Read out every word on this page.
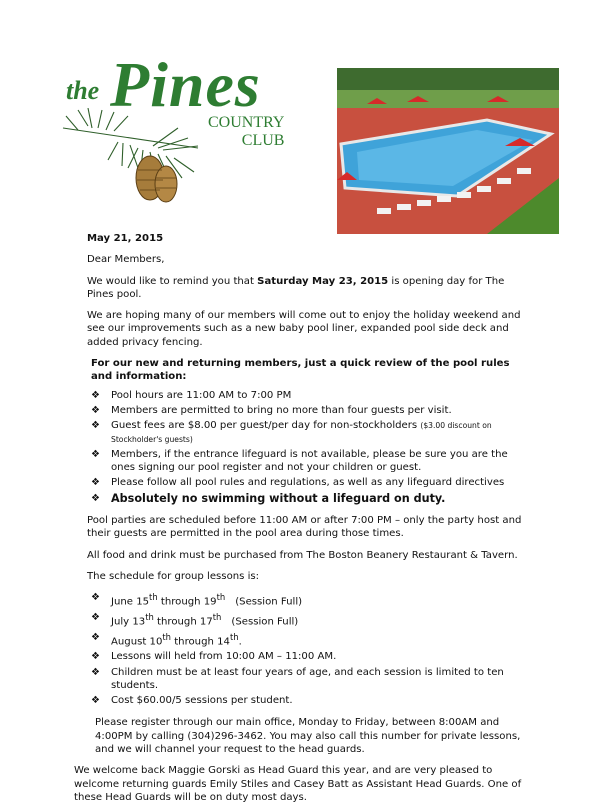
the Pines
COUNTRY
CLUB

May 21, 2015

Dear Members,

We would like to remind you that Saturday May 23, 2015 is opening day for The Pines pool.

We are hoping many of our members will come out to enjoy the holiday weekend and see our improvements such as a new baby pool liner, expanded pool side deck and added privacy fencing.

For our new and returning members, just a quick review of the pool rules and information:

❖ Pool hours are 11:00 AM to 7:00 PM
❖ Members are permitted to bring no more than four guests per visit.
❖ Guest fees are $8.00 per guest/per day for non-stockholders ($3.00 discount on Stockholder's guests)
❖ Members, if the entrance lifeguard is not available, please be sure you are the ones signing our pool register and not your children or guest.
❖ Please follow all pool rules and regulations, as well as any lifeguard directives
❖ Absolutely no swimming without a lifeguard on duty.

Pool parties are scheduled before 11:00 AM or after 7:00 PM – only the party host and their guests are permitted in the pool area during those times.

All food and drink must be purchased from The Boston Beanery Restaurant & Tavern.

The schedule for group lessons is:

❖ June 15th through 19th (Session Full)
❖ July 13th through 17th (Session Full)
❖ August 10th through 14th.
❖ Lessons will held from 10:00 AM – 11:00 AM.
❖ Children must be at least four years of age, and each session is limited to ten students.
❖ Cost $60.00/5 sessions per student.

Please register through our main office, Monday to Friday, between 8:00AM and 4:00PM by calling (304)296-3462. You may also call this number for private lessons, and we will channel your request to the head guards.

We welcome back Maggie Gorski as Head Guard this year, and are very pleased to welcome returning guards Emily Stiles and Casey Batt as Assistant Head Guards. One of these Head Guards will be on duty most days.
